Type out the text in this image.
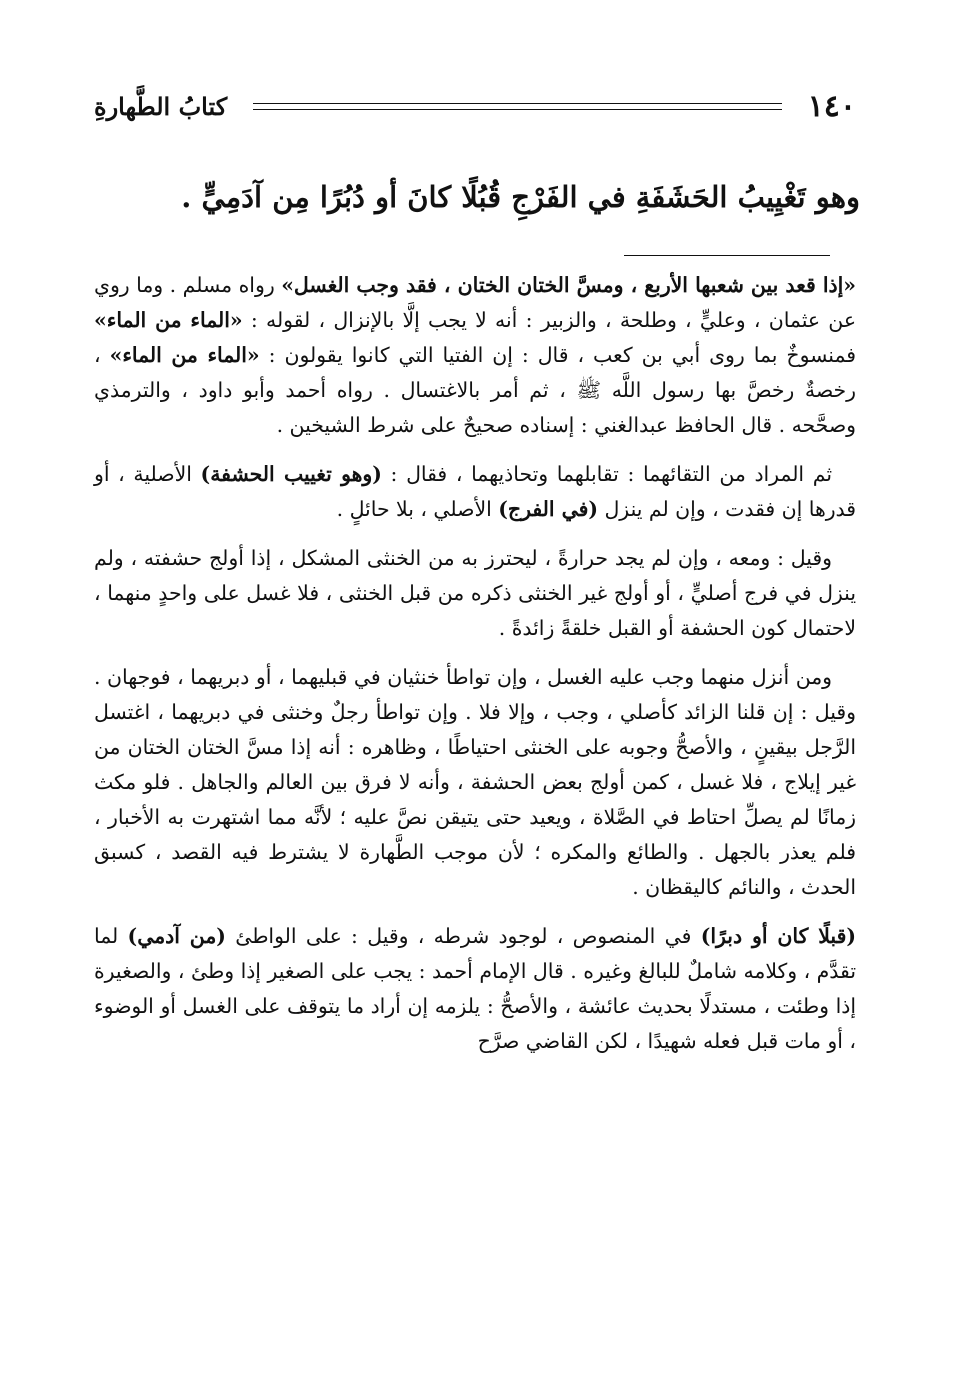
١٤٠
كتابُ الطَّهارةِ
وهو تَغْيِيبُ الحَشَفَةِ في الفَرْجِ قُبُلًا كانَ أو دُبُرًا مِن آدَمِيٍّ .

«إذا قعد بين شعبها الأربع ، ومسَّ الختان الختان ، فقد وجب الغسل» رواه مسلم . وما روي عن عثمان ، وعليٍّ ، وطلحة ، والزبير : أنه لا يجب إلَّا بالإنزال ، لقوله : «الماء من الماء» فمنسوخٌ بما روى أبي بن كعب ، قال : إن الفتيا التي كانوا يقولون : «الماء من الماء» ، رخصةٌ رخصَّ بها رسول اللَّه ﷺ ، ثم أمر بالاغتسال . رواه أحمد وأبو داود ، والترمذي وصحَّحه . قال الحافظ عبدالغني : إسناده صحيحٌ على شرط الشيخين .

ثم المراد من التقائهما : تقابلهما وتحاذيهما ، فقال : (وهو تغييب الحشفة) الأصلية ، أو قدرها إن فقدت ، وإن لم ينزل (في الفرج) الأصلي ، بلا حائلٍ .

وقيل : ومعه ، وإن لم يجد حرارةً ، ليحترز به من الخنثى المشكل ، إذا أولج حشفته ، ولم ينزل في فرج أصليٍّ ، أو أولج غير الخنثى ذكره من قبل الخنثى ، فلا غسل على واحدٍ منهما ، لاحتمال كون الحشفة أو القبل خلقةً زائدةً .

ومن أنزل منهما وجب عليه الغسل ، وإن تواطأ خنثيان في قبليهما ، أو دبريهما ، فوجهان . وقيل : إن قلنا الزائد كأصلي ، وجب ، وإلا فلا . وإن تواطأ رجلٌ وخنثى في دبريهما ، اغتسل الرَّجل بيقينٍ ، والأصحُّ وجوبه على الخنثى احتياطًا ، وظاهره : أنه إذا مسَّ الختان الختان من غير إيلاج ، فلا غسل ، كمن أولج بعض الحشفة ، وأنه لا فرق بين العالم والجاهل . فلو مكث زمانًا لم يصلِّ احتاط في الصَّلاة ، ويعيد حتى يتيقن نصَّ عليه ؛ لأنَّه مما اشتهرت به الأخبار ، فلم يعذر بالجهل . والطائع والمكره ؛ لأن موجب الطَّهارة لا يشترط فيه القصد ، كسبق الحدث ، والنائم كاليقظان .

(قبلًا كان أو دبرًا) في المنصوص ، لوجود شرطه ، وقيل : على الواطئ (من آدمي) لما تقدَّم ، وكلامه شاملٌ للبالغ وغيره . قال الإمام أحمد : يجب على الصغير إذا وطئ ، والصغيرة إذا وطئت ، مستدلًا بحديث عائشة ، والأصحُّ : يلزمه إن أراد ما يتوقف على الغسل أو الوضوء ، أو مات قبل فعله شهيدًا ، لكن القاضي صرَّح
